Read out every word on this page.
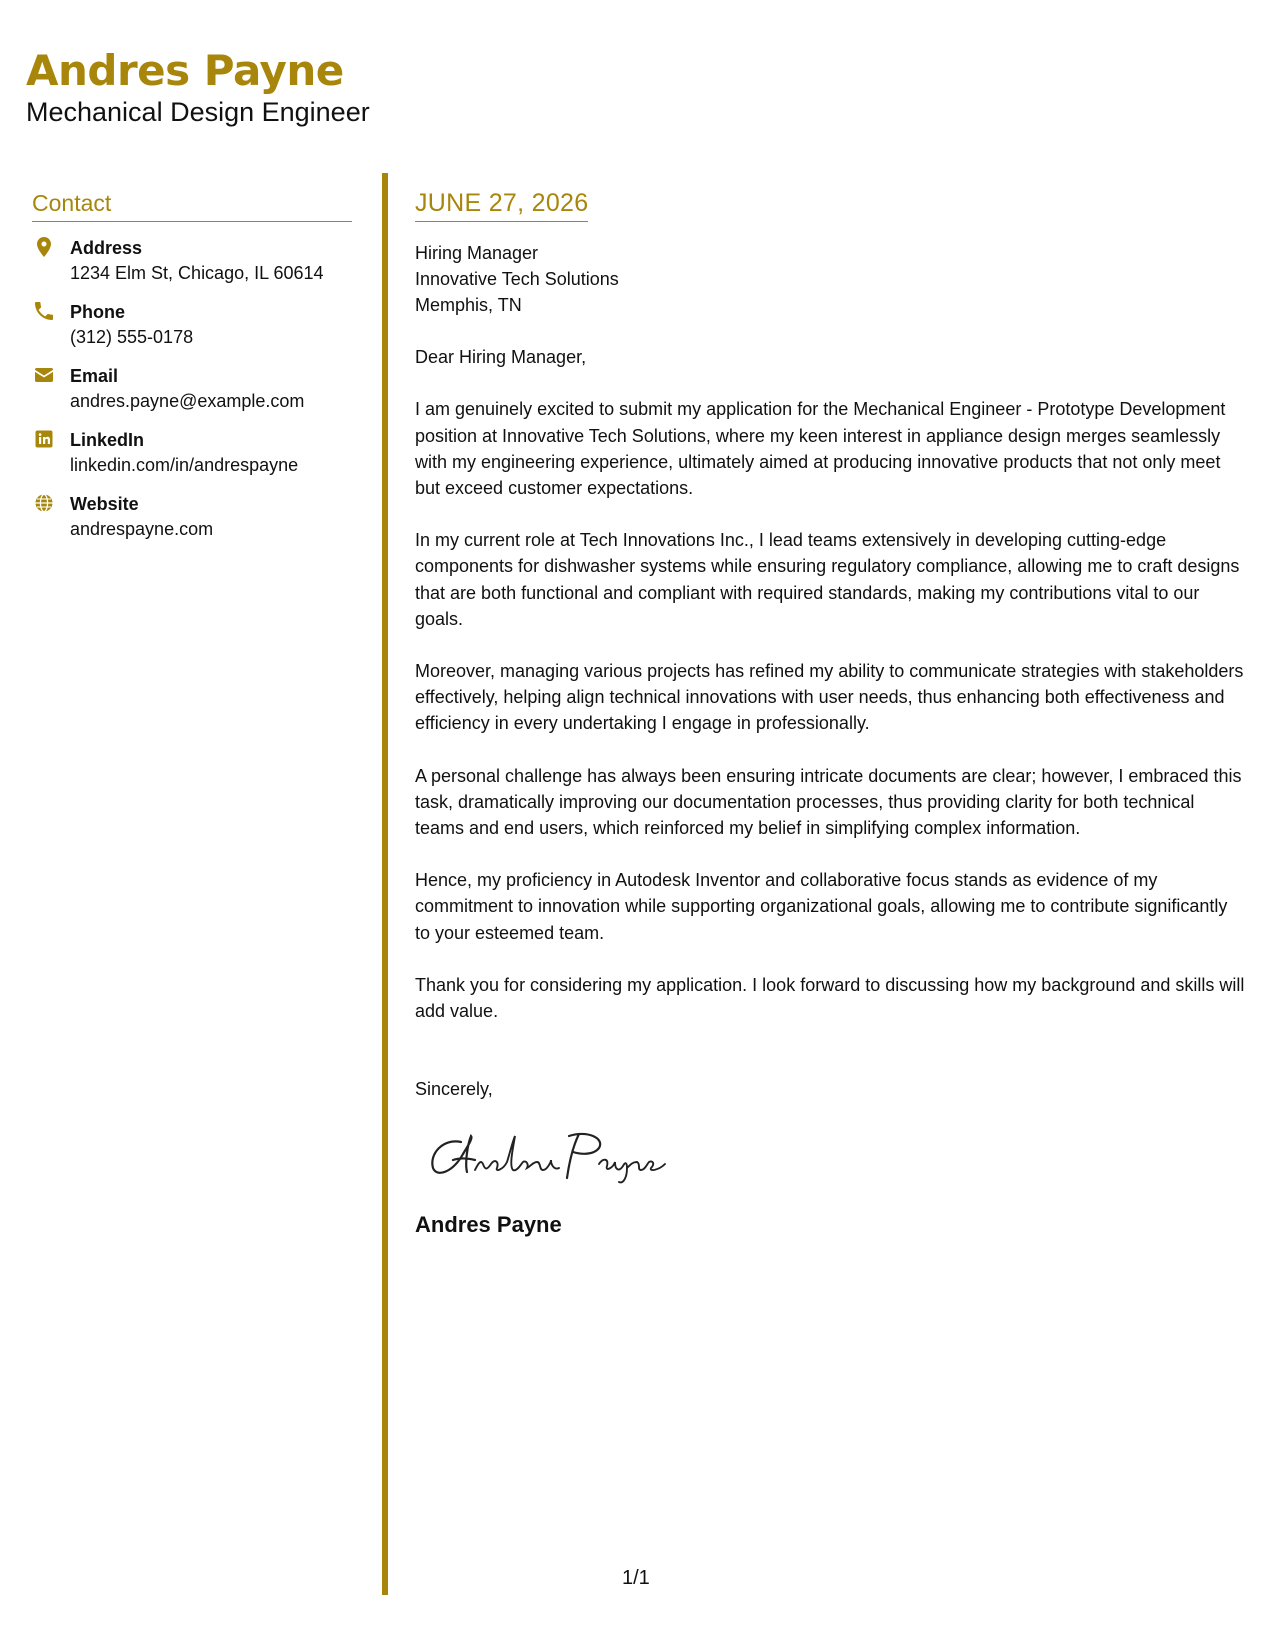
Andres Payne
Mechanical Design Engineer
Contact
Address
1234 Elm St, Chicago, IL 60614
Phone
(312) 555-0178
Email
andres.payne@example.com
LinkedIn
linkedin.com/in/andrespayne
Website
andrespayne.com
JUNE 27, 2026
Hiring Manager
Innovative Tech Solutions
Memphis, TN
Dear Hiring Manager,

I am genuinely excited to submit my application for the Mechanical Engineer - Prototype Development position at Innovative Tech Solutions, where my keen interest in appliance design merges seamlessly with my engineering experience, ultimately aimed at producing innovative products that not only meet but exceed customer expectations.

In my current role at Tech Innovations Inc., I lead teams extensively in developing cutting-edge components for dishwasher systems while ensuring regulatory compliance, allowing me to craft designs that are both functional and compliant with required standards, making my contributions vital to our goals.

Moreover, managing various projects has refined my ability to communicate strategies with stakeholders effectively, helping align technical innovations with user needs, thus enhancing both effectiveness and efficiency in every undertaking I engage in professionally.

A personal challenge has always been ensuring intricate documents are clear; however, I embraced this task, dramatically improving our documentation processes, thus providing clarity for both technical teams and end users, which reinforced my belief in simplifying complex information.

Hence, my proficiency in Autodesk Inventor and collaborative focus stands as evidence of my commitment to innovation while supporting organizational goals, allowing me to contribute significantly to your esteemed team.

Thank you for considering my application. I look forward to discussing how my background and skills will add value.

Sincerely,
Andres Payne
1/1
